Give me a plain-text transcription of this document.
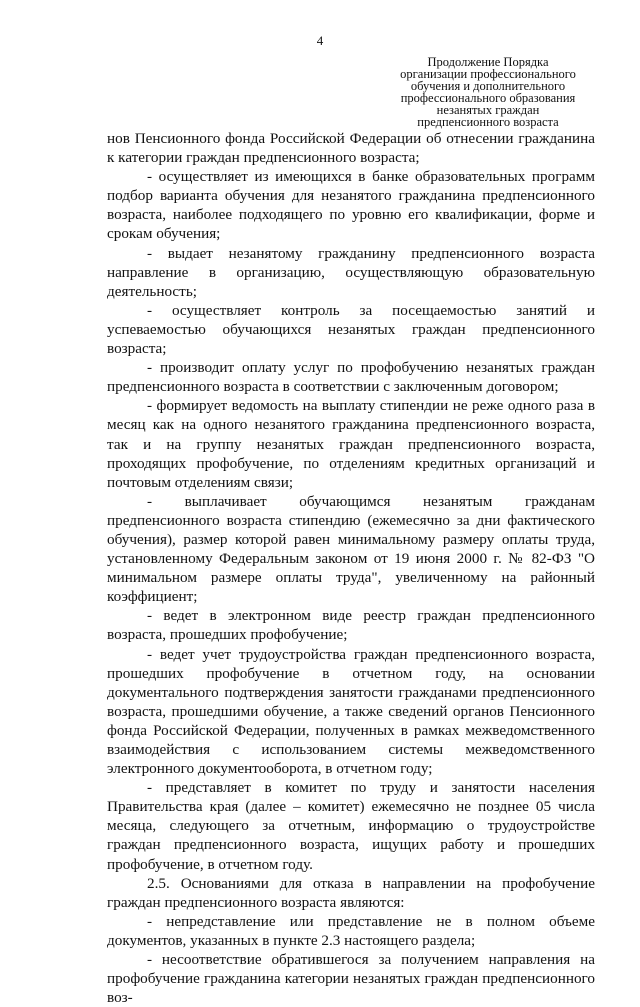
4
Продолжение Порядка
организации профессионального
обучения и дополнительного
профессионального образования
незанятых граждан
предпенсионного возраста

нов Пенсионного фонда Российской Федерации об отнесении гражданина к категории граждан предпенсионного возраста;

- осуществляет из имеющихся в банке образовательных программ подбор варианта обучения для незанятого гражданина предпенсионного возраста, наиболее подходящего по уровню его квалификации, форме и срокам обучения;

- выдает незанятому гражданину предпенсионного возраста направление в организацию, осуществляющую образовательную деятельность;

- осуществляет контроль за посещаемостью занятий и успеваемостью обучающихся незанятых граждан предпенсионного возраста;

- производит оплату услуг по профобучению незанятых граждан предпенсионного возраста в соответствии с заключенным договором;

- формирует ведомость на выплату стипендии не реже одного раза в месяц как на одного незанятого гражданина предпенсионного возраста, так и на группу незанятых граждан предпенсионного возраста, проходящих профобучение, по отделениям кредитных организаций и почтовым отделениям связи;

- выплачивает обучающимся незанятым гражданам предпенсионного возраста стипендию (ежемесячно за дни фактического обучения), размер которой равен минимальному размеру оплаты труда, установленному Федеральным законом от 19 июня 2000 г. № 82-ФЗ "О минимальном размере оплаты труда", увеличенному на районный коэффициент;

- ведет в электронном виде реестр граждан предпенсионного возраста, прошедших профобучение;

- ведет учет трудоустройства граждан предпенсионного возраста, прошедших профобучение в отчетном году, на основании документального подтверждения занятости гражданами предпенсионного возраста, прошедшими обучение, а также сведений органов Пенсионного фонда Российской Федерации, полученных в рамках межведомственного взаимодействия с использованием системы межведомственного электронного документооборота, в отчетном году;

- представляет в комитет по труду и занятости населения Правительства края (далее – комитет) ежемесячно не позднее 05 числа месяца, следующего за отчетным, информацию о трудоустройстве граждан предпенсионного возраста, ищущих работу и прошедших профобучение, в отчетном году.

2.5. Основаниями для отказа в направлении на профобучение граждан предпенсионного возраста являются:

- непредставление или представление не в полном объеме документов, указанных в пункте 2.3 настоящего раздела;

- несоответствие обратившегося за получением направления на профобучение гражданина категории незанятых граждан предпенсионного воз-
